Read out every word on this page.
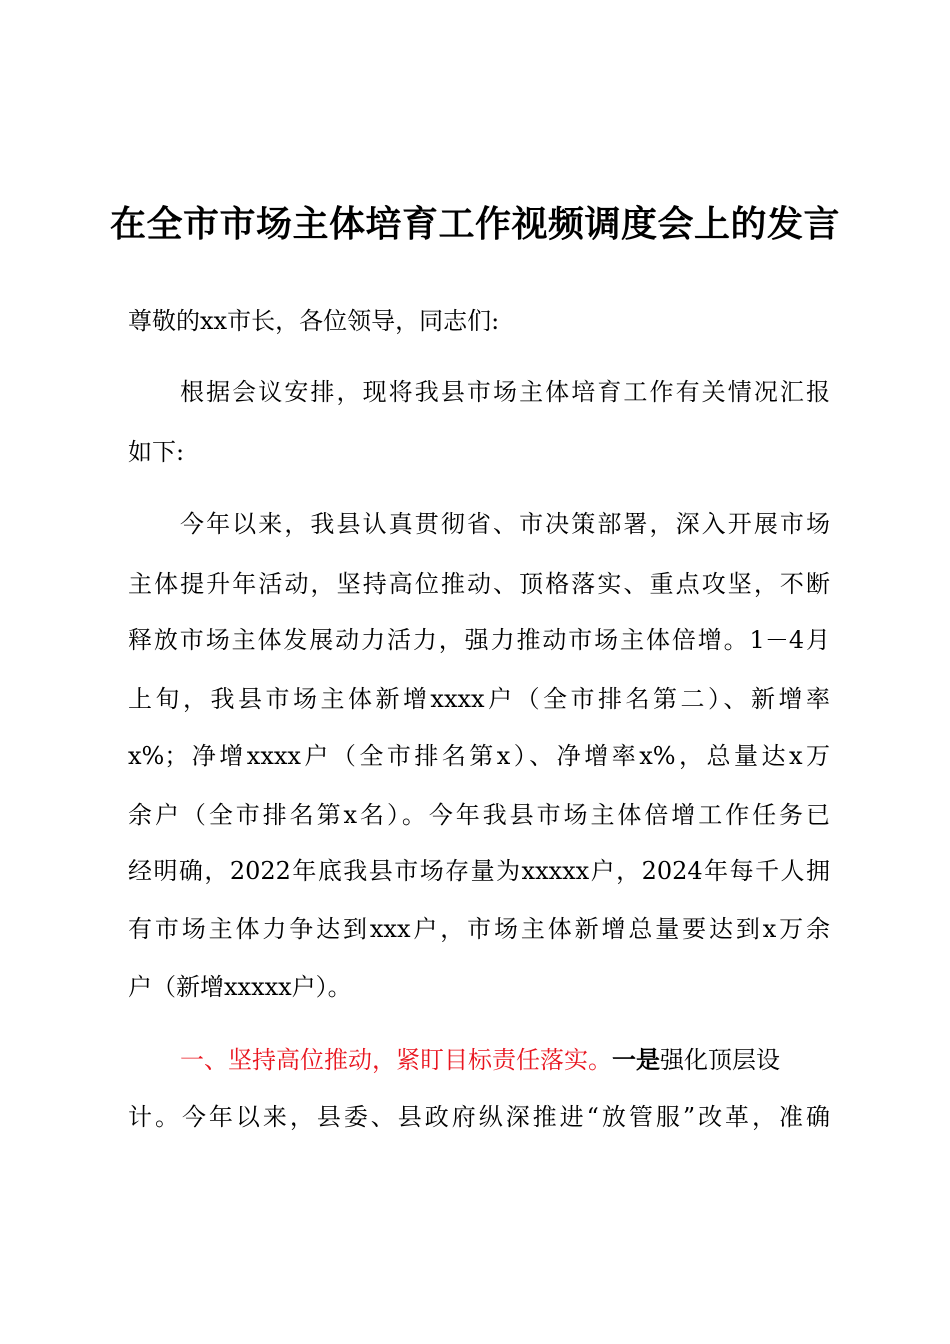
在全市市场主体培育工作视频调度会上的发言
尊敬的xx市长，各位领导，同志们:
根据会议安排，现将我县市场主体培育工作有关情况汇报
如下:
今年以来，我县认真贯彻省、市决策部署，深入开展市场
主体提升年活动，坚持高位推动、顶格落实、重点攻坚，不断
释放市场主体发展动力活力，强力推动市场主体倍增。1－4月
上旬，我县市场主体新增xxxx户（全市排名第二）、新增率
x%；净增xxxx户（全市排名第x）、净增率x%，总量达x万
余户（全市排名第x名）。今年我县市场主体倍增工作任务已
经明确，2022年底我县市场存量为xxxxx户，2024年每千人拥
有市场主体力争达到xxx户，市场主体新增总量要达到x万余
户（新增xxxxx户）。
一、坚持高位推动，紧盯目标责任落实。一是强化顶层设
计。今年以来，县委、县政府纵深推进“放管服”改革，准确
